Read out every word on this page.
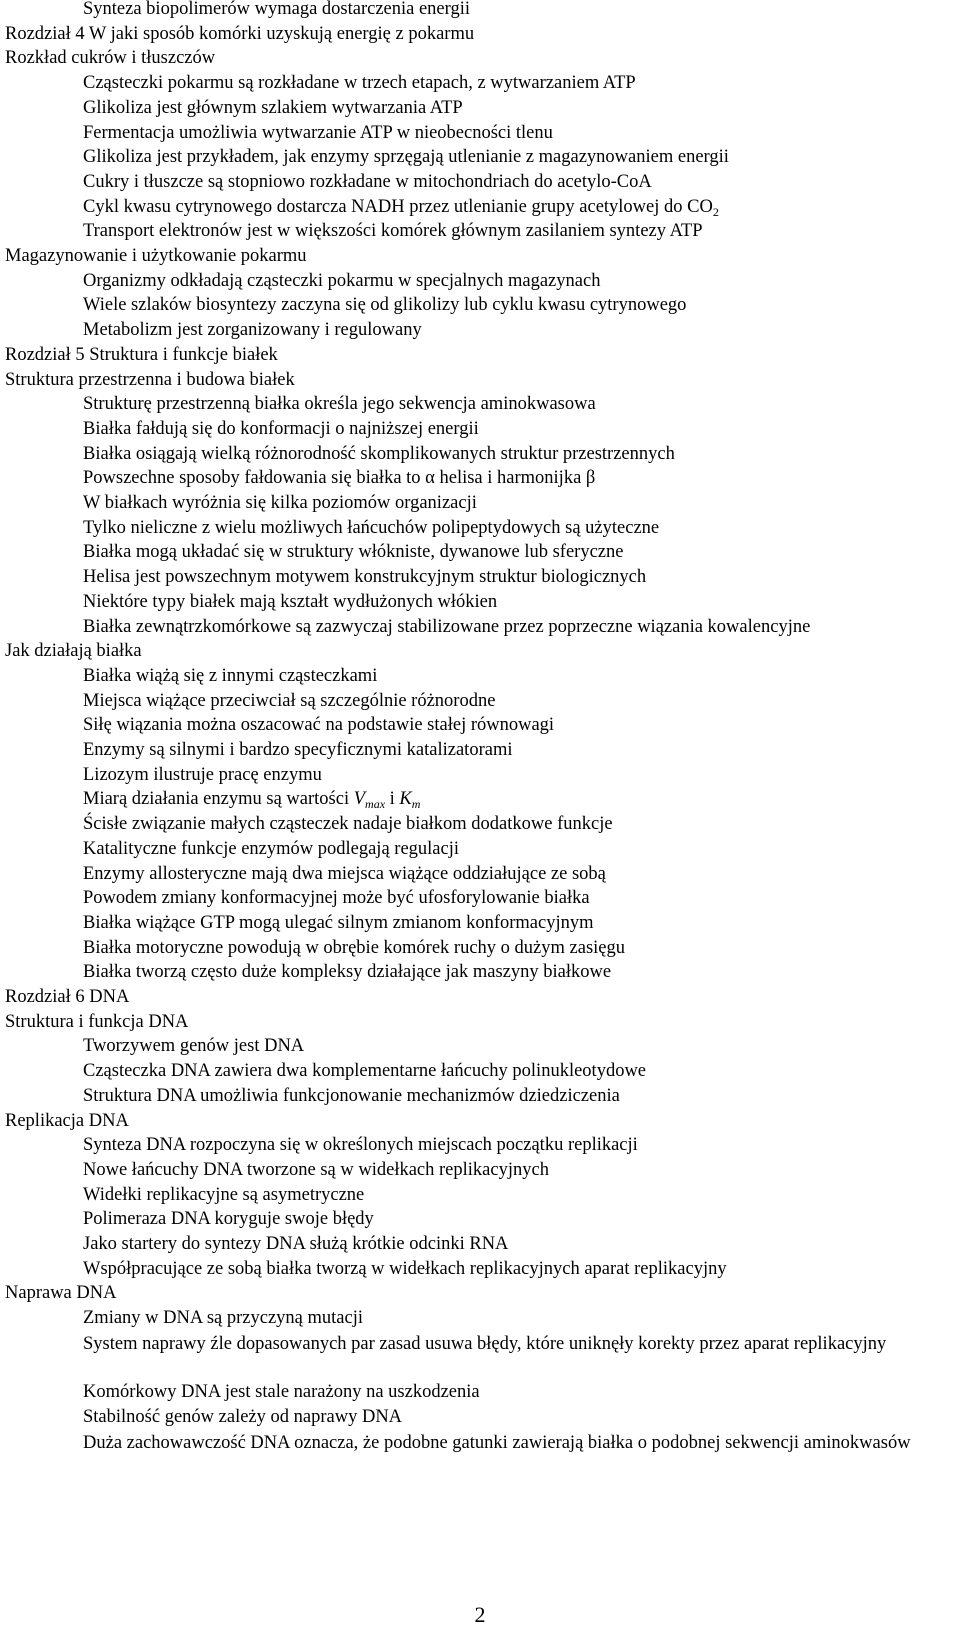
Synteza biopolimerów wymaga dostarczenia energii
Rozdział 4 W jaki sposób komórki uzyskują energię z pokarmu
Rozkład cukrów i tłuszczów
Cząsteczki pokarmu są rozkładane w trzech etapach, z wytwarzaniem ATP
Glikoliza jest głównym szlakiem wytwarzania ATP
Fermentacja umożliwia wytwarzanie ATP w nieobecności tlenu
Glikoliza jest przykładem, jak enzymy sprzęgają utlenianie z magazynowaniem energii
Cukry i tłuszcze są stopniowo rozkładane w mitochondriach do acetylo-CoA
Cykl kwasu cytrynowego dostarcza NADH przez utlenianie grupy acetylowej do $CO_2$
Transport elektronów jest w większości komórek głównym zasilaniem syntezy ATP
Magazynowanie i użytkowanie pokarmu
Organizmy odkładają cząsteczki pokarmu w specjalnych magazynach
Wiele szlaków biosyntezy zaczyna się od glikolizy lub cyklu kwasu cytrynowego
Metabolizm jest zorganizowany i regulowany
Rozdział 5 Struktura i funkcje białek
Struktura przestrzenna i budowa białek
Strukturę przestrzenną białka określa jego sekwencja aminokwasowa
Białka fałdują się do konformacji o najniższej energii
Białka osiągają wielką różnorodność skomplikowanych struktur przestrzennych
Powszechne sposoby fałdowania się białka to α helisa i harmonijka β
W białkach wyróżnia się kilka poziomów organizacji
Tylko nieliczne z wielu możliwych łańcuchów polipeptydowych są użyteczne
Białka mogą układać się w struktury włókniste, dywanowe lub sferyczne
Helisa jest powszechnym motywem konstrukcyjnym struktur biologicznych
Niektóre typy białek mają kształt wydłużonych włókien
Białka zewnątrzkomórkowe są zazwyczaj stabilizowane przez poprzeczne wiązania kowalencyjne
Jak działają białka
Białka wiążą się z innymi cząsteczkami
Miejsca wiążące przeciwciał są szczególnie różnorodne
Siłę wiązania można oszacować na podstawie stałej równowagi
Enzymy są silnymi i bardzo specyficznymi katalizatorami
Lizozym ilustruje pracę enzymu
Miarą działania enzymu są wartości $V_{max}$ i $K_m$
Ścisłe związanie małych cząsteczek nadaje białkom dodatkowe funkcje
Katalityczne funkcje enzymów podlegają regulacji
Enzymy allosteryczne mają dwa miejsca wiążące oddziałujące ze sobą
Powodem zmiany konformacyjnej może być ufosforylowanie białka
Białka wiążące GTP mogą ulegać silnym zmianom konformacyjnym
Białka motoryczne powodują w obrębie komórek ruchy o dużym zasięgu
Białka tworzą często duże kompleksy działające jak maszyny białkowe
Rozdział 6 DNA
Struktura i funkcja DNA
Tworzywem genów jest DNA
Cząsteczka DNA zawiera dwa komplementarne łańcuchy polinukleotydowe
Struktura DNA umożliwia funkcjonowanie mechanizmów dziedziczenia
Replikacja DNA
Synteza DNA rozpoczyna się w określonych miejscach początku replikacji
Nowe łańcuchy DNA tworzone są w widełkach replikacyjnych
Widełki replikacyjne są asymetryczne
Polimeraza DNA koryguje swoje błędy
Jako startery do syntezy DNA służą krótkie odcinki RNA
Współpracujące ze sobą białka tworzą w widełkach replikacyjnych aparat replikacyjny
Naprawa DNA
Zmiany w DNA są przyczyną mutacji
System naprawy źle dopasowanych par zasad usuwa błędy, które uniknęły korekty przez aparat replikacyjny
Komórkowy DNA jest stale narażony na uszkodzenia
Stabilność genów zależy od naprawy DNA
Duża zachowawczość DNA oznacza, że podobne gatunki zawierają białka o podobnej sekwencji aminokwasów
2
